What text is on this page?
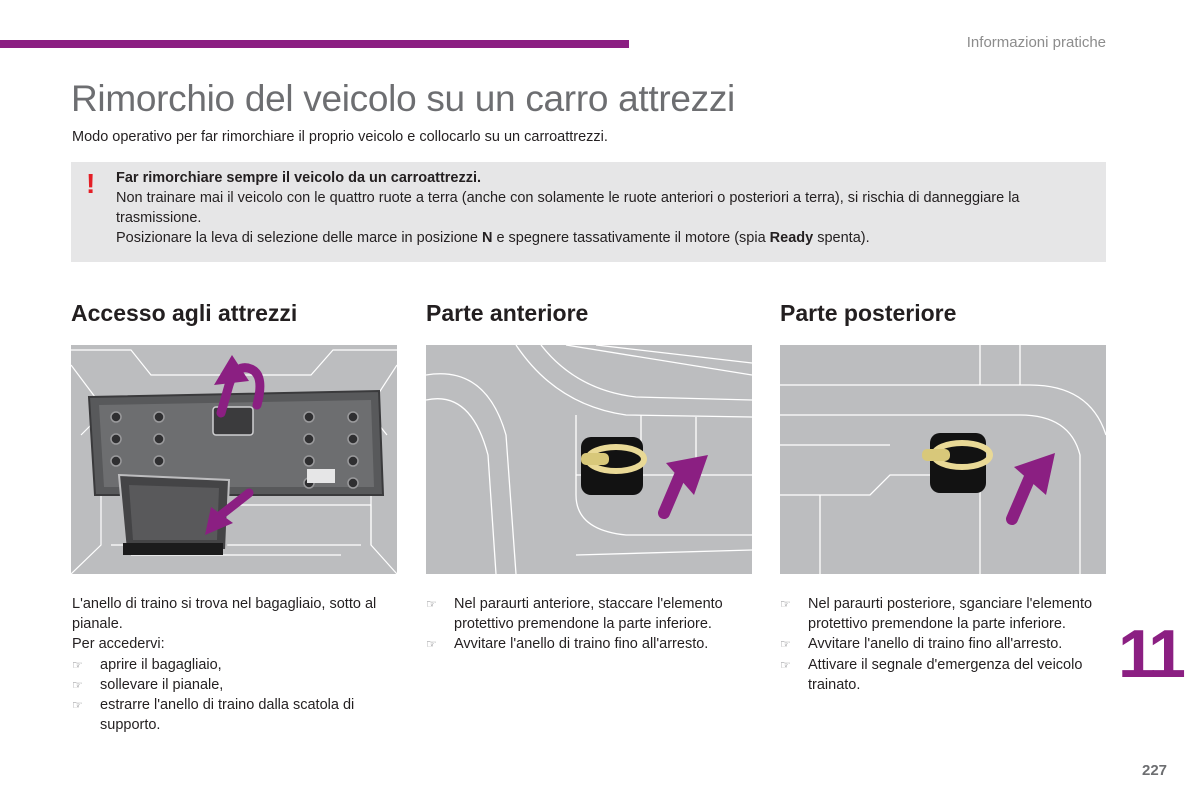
Informazioni pratiche
Rimorchio del veicolo su un carro attrezzi
Modo operativo per far rimorchiare il proprio veicolo e collocarlo su un carroattrezzi.
! Far rimorchiare sempre il veicolo da un carroattrezzi.

Non trainare mai il veicolo con le quattro ruote a terra (anche con solamente le ruote anteriori o posteriori a terra), si rischia di danneggiare la trasmissione.

Posizionare la leva di selezione delle marce in posizione N e spegnere tassativamente il motore (spia Ready spenta).

Accesso agli attrezzi

L'anello di traino si trova nel bagagliaio, sotto al pianale.

Per accedervi:

☞ aprire il bagagliaio,
☞ sollevare il pianale,
☞ estrarre l'anello di traino dalla scatola di supporto.
Parte anteriore
☞ Nel paraurti anteriore, staccare l'elemento protettivo premendone la parte inferiore.
☞ Avvitare l'anello di traino fino all'arresto.
Parte posteriore
☞ Nel paraurti posteriore, sganciare l'elemento protettivo premendone la parte inferiore.
☞ Avvitare l'anello di traino fino all'arresto.
☞ Attivare il segnale d'emergenza del veicolo trainato.	11
227
